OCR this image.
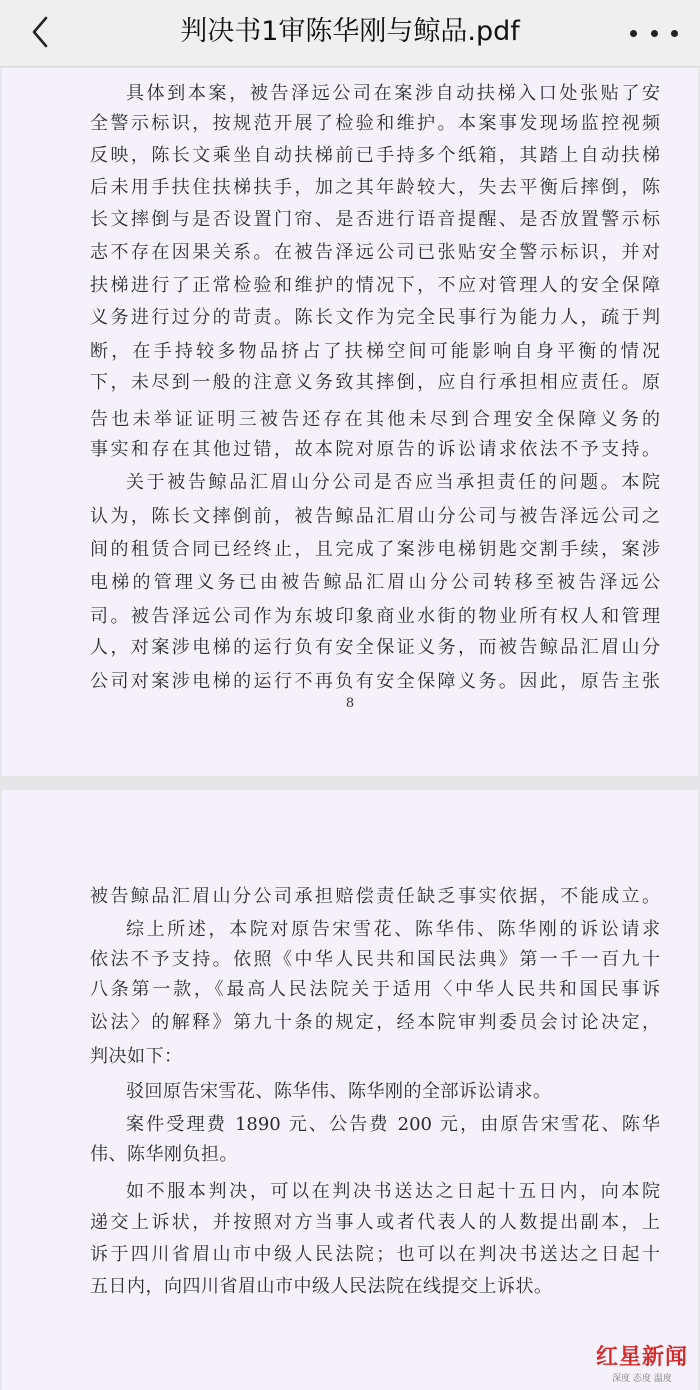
判决书1审陈华刚与鲸品.pdf
具体到本案，被告泽远公司在案涉自动扶梯入口处张贴了安
全警示标识，按规范开展了检验和维护。本案事发现场监控视频
反映，陈长文乘坐自动扶梯前已手持多个纸箱，其踏上自动扶梯
后未用手扶住扶梯扶手，加之其年龄较大，失去平衡后摔倒，陈
长文摔倒与是否设置门帘、是否进行语音提醒、是否放置警示标
志不存在因果关系。在被告泽远公司已张贴安全警示标识，并对
扶梯进行了正常检验和维护的情况下，不应对管理人的安全保障
义务进行过分的苛责。陈长文作为完全民事行为能力人，疏于判
断，在手持较多物品挤占了扶梯空间可能影响自身平衡的情况
下，未尽到一般的注意义务致其摔倒，应自行承担相应责任。原
告也未举证证明三被告还存在其他未尽到合理安全保障义务的
事实和存在其他过错，故本院对原告的诉讼请求依法不予支持。
关于被告鲸品汇眉山分公司是否应当承担责任的问题。本院
认为，陈长文摔倒前，被告鲸品汇眉山分公司与被告泽远公司之
间的租赁合同已经终止，且完成了案涉电梯钥匙交割手续，案涉
电梯的管理义务已由被告鲸品汇眉山分公司转移至被告泽远公
司。被告泽远公司作为东坡印象商业水街的物业所有权人和管理
人，对案涉电梯的运行负有安全保证义务，而被告鲸品汇眉山分
公司对案涉电梯的运行不再负有安全保障义务。因此，原告主张
8
被告鲸品汇眉山分公司承担赔偿责任缺乏事实依据，不能成立。
综上所述，本院对原告宋雪花、陈华伟、陈华刚的诉讼请求
依法不予支持。依照《中华人民共和国民法典》第一千一百九十
八条第一款，《最高人民法院关于适用〈中华人民共和国民事诉
讼法〉的解释》第九十条的规定，经本院审判委员会讨论决定，
判决如下：
驳回原告宋雪花、陈华伟、陈华刚的全部诉讼请求。
案件受理费 1890 元、公告费 200 元，由原告宋雪花、陈华
伟、陈华刚负担。
如不服本判决，可以在判决书送达之日起十五日内，向本院
递交上诉状，并按照对方当事人或者代表人的人数提出副本，上
诉于四川省眉山市中级人民法院；也可以在判决书送达之日起十
五日内，向四川省眉山市中级人民法院在线提交上诉状。
红星新闻
深度 态度 温度
